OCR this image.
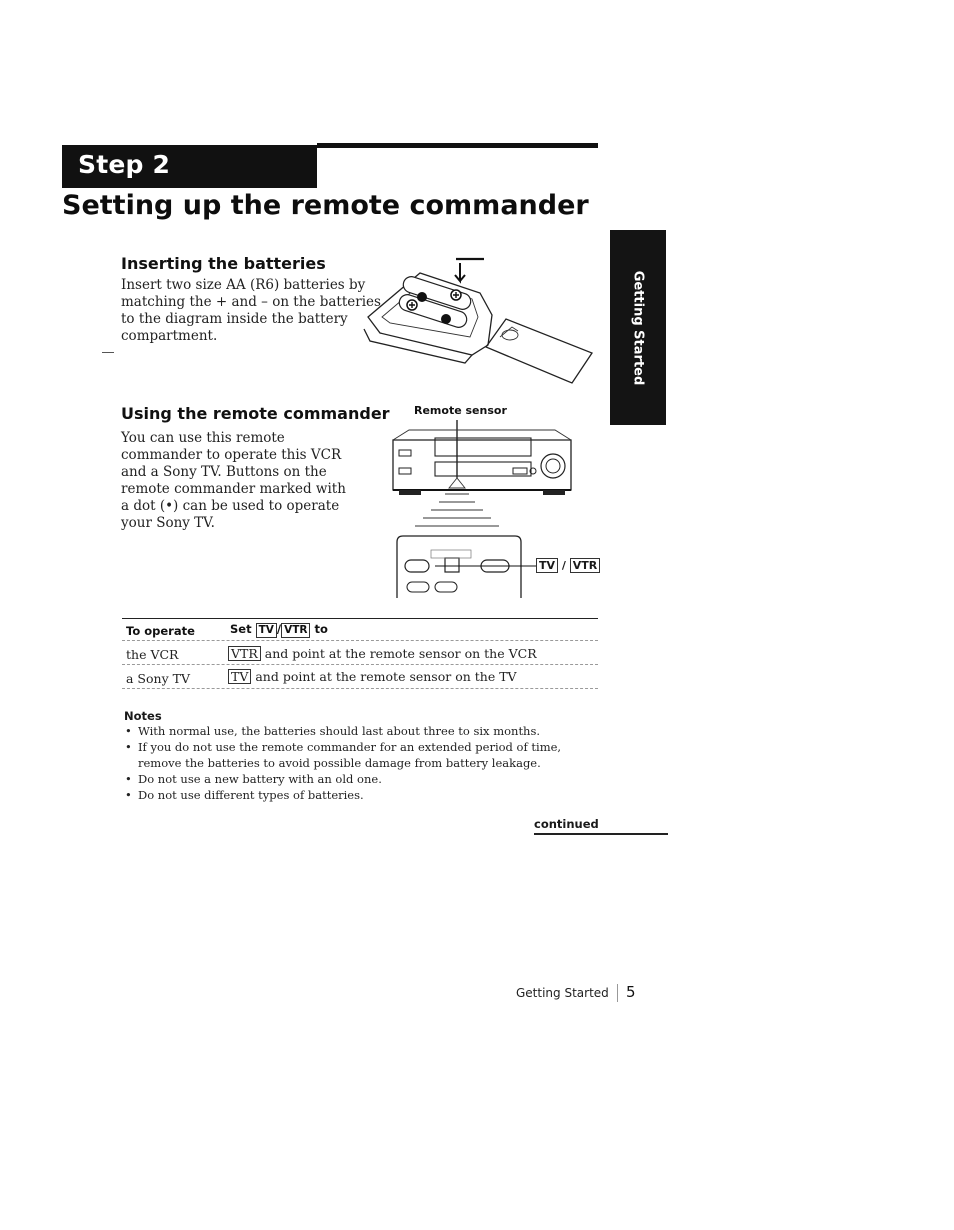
Step 2
Setting up the remote commander
Getting Started
Inserting the batteries
Insert two size AA (R6) batteries by
matching the + and – on the batteries
to the diagram inside the battery
compartment.
Using the remote commander
You can use this remote
commander to operate this VCR
and a Sony TV. Buttons on the
remote commander marked with
a dot (•) can be used to operate
your Sony TV.
Remote sensor
TV / VTR
To operate	Set TV / VTR to
the VCR	VTR and point at the remote sensor on the VCR
a Sony TV	TV and point at the remote sensor on the TV
Notes
• With normal use, the batteries should last about three to six months.
• If you do not use the remote commander for an extended period of time, remove the batteries to avoid possible damage from battery leakage.
• Do not use a new battery with an old one.
• Do not use different types of batteries.
continued
Getting Started 5
